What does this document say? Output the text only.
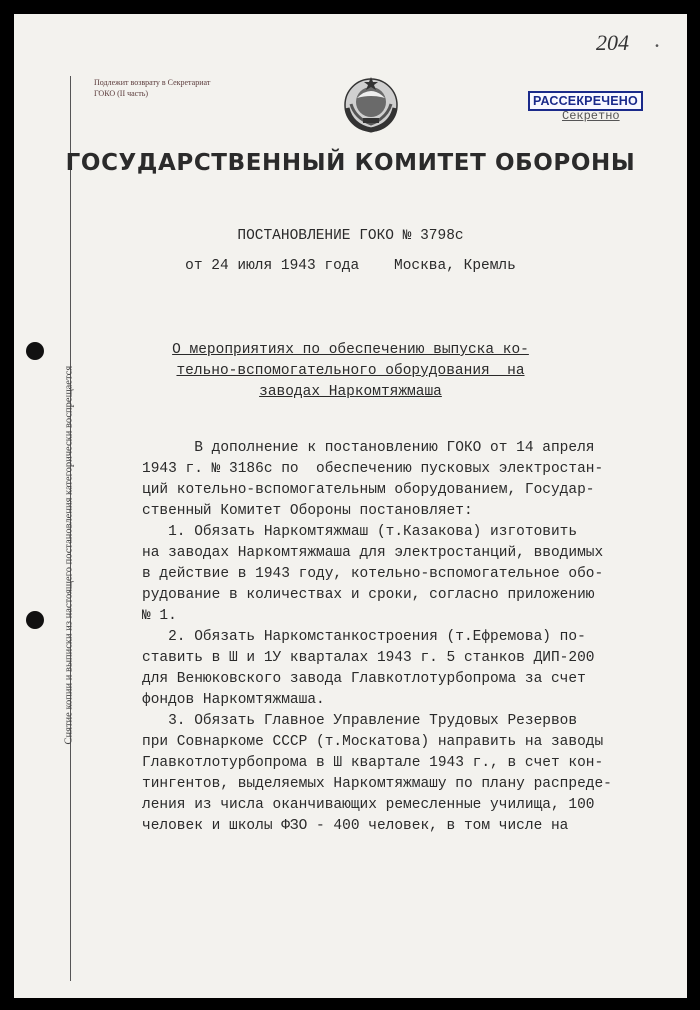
Снятие копии и выписки из настоящего постановления категорически воспрещается
Подлежит возврату в Секретариат
ГОКО (II часть)
204	•
РАССЕКРЕЧЕНО
Секретно
ГОСУДАРСТВЕННЫЙ КОМИТЕТ ОБОРОНЫ
ПОСТАНОВЛЕНИЕ ГОКО № 3798с
от 24 июля 1943 года    Москва, Кремль
О мероприятиях по обеспечению выпуска ко-
тельно-вспомогательного оборудования  на
заводах Наркомтяжмаша
В дополнение к постановлению ГОКО от 14 апреля
1943 г. № 3186с по  обеспечению пусковых электростан-
ций котельно-вспомогательным оборудованием, Государ-
ственный Комитет Обороны постановляет:
1. Обязать Наркомтяжмаш (т.Казакова) изготовить
на заводах Наркомтяжмаша для электростанций, вводимых
в действие в 1943 году, котельно-вспомогательное обо-
рудование в количествах и сроки, согласно приложению
№ 1.
2. Обязать Наркомстанкостроения (т.Ефремова) по-
ставить в Ш и 1У кварталах 1943 г. 5 станков ДИП-200
для Венюковского завода Главкотлотурбопрома за счет
фондов Наркомтяжмаша.
3. Обязать Главное Управление Трудовых Резервов
при Совнаркоме СССР (т.Москатова) направить на заводы
Главкотлотурбопрома в Ш квартале 1943 г., в счет кон-
тингентов, выделяемых Наркомтяжмашу по плану распреде-
ления из числа оканчивающих ремесленные училища, 100
человек и школы ФЗО - 400 человек, в том числе на
